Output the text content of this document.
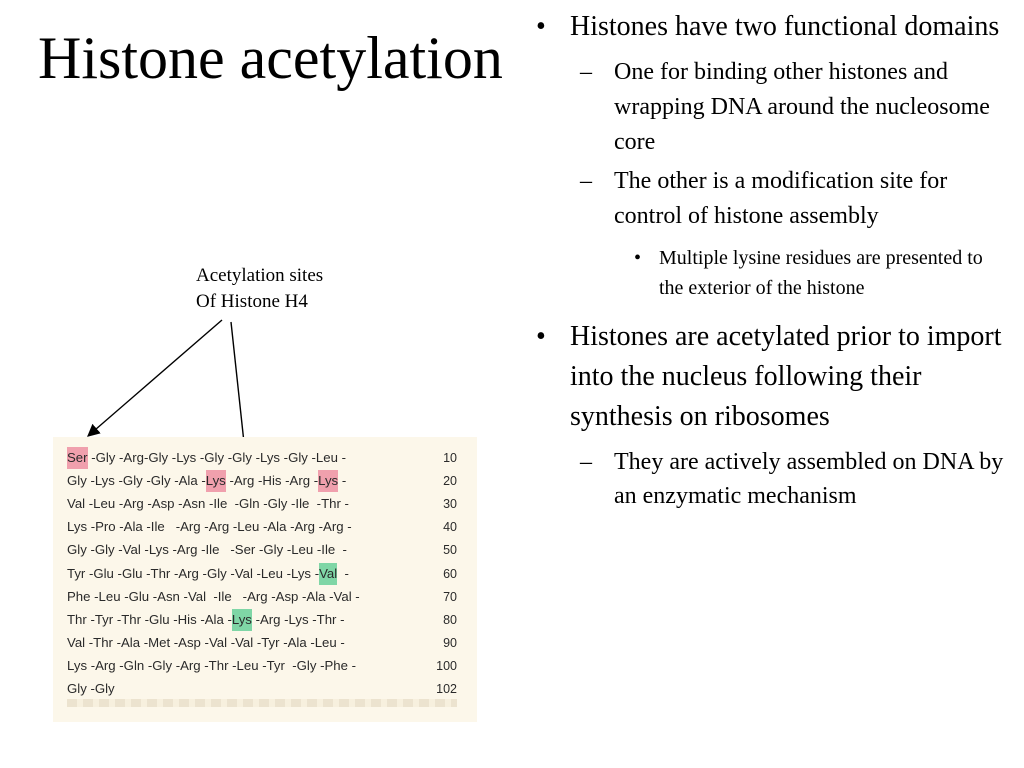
Histone acetylation • Histones have two functional domains
– One for binding other histones and wrapping DNA around the nucleosome core
– The other is a modification site for control of histone assembly
• Multiple lysine residues are presented to the exterior of the histone
• Histones are acetylated prior to import into the nucleus following their synthesis on ribosomes
– They are actively assembled on DNA by an enzymatic mechanism
Acetylation sites
Of Histone H4
Ser -Gly -Arg-Gly -Lys -Gly -Gly -Lys -Gly -Leu -	10
Gly -Lys -Gly -Gly -Ala -Lys -Arg -His -Arg -Lys -	20
Val -Leu -Arg -Asp -Asn -Ile  -Gln -Gly -Ile  -Thr -	30
Lys -Pro -Ala -Ile   -Arg -Arg -Leu -Ala -Arg -Arg -	40
Gly -Gly -Val -Lys -Arg -Ile   -Ser -Gly -Leu -Ile  -	50
Tyr -Glu -Glu -Thr -Arg -Gly -Val -Leu -Lys -Val  -	60
Phe -Leu -Glu -Asn -Val  -Ile   -Arg -Asp -Ala -Val -	70
Thr -Tyr -Thr -Glu -His -Ala -Lys -Arg -Lys -Thr -	80
Val -Thr -Ala -Met -Asp -Val -Val -Tyr -Ala -Leu -	90
Lys -Arg -Gln -Gly -Arg -Thr -Leu -Tyr  -Gly -Phe -	100
Gly -Gly	102
